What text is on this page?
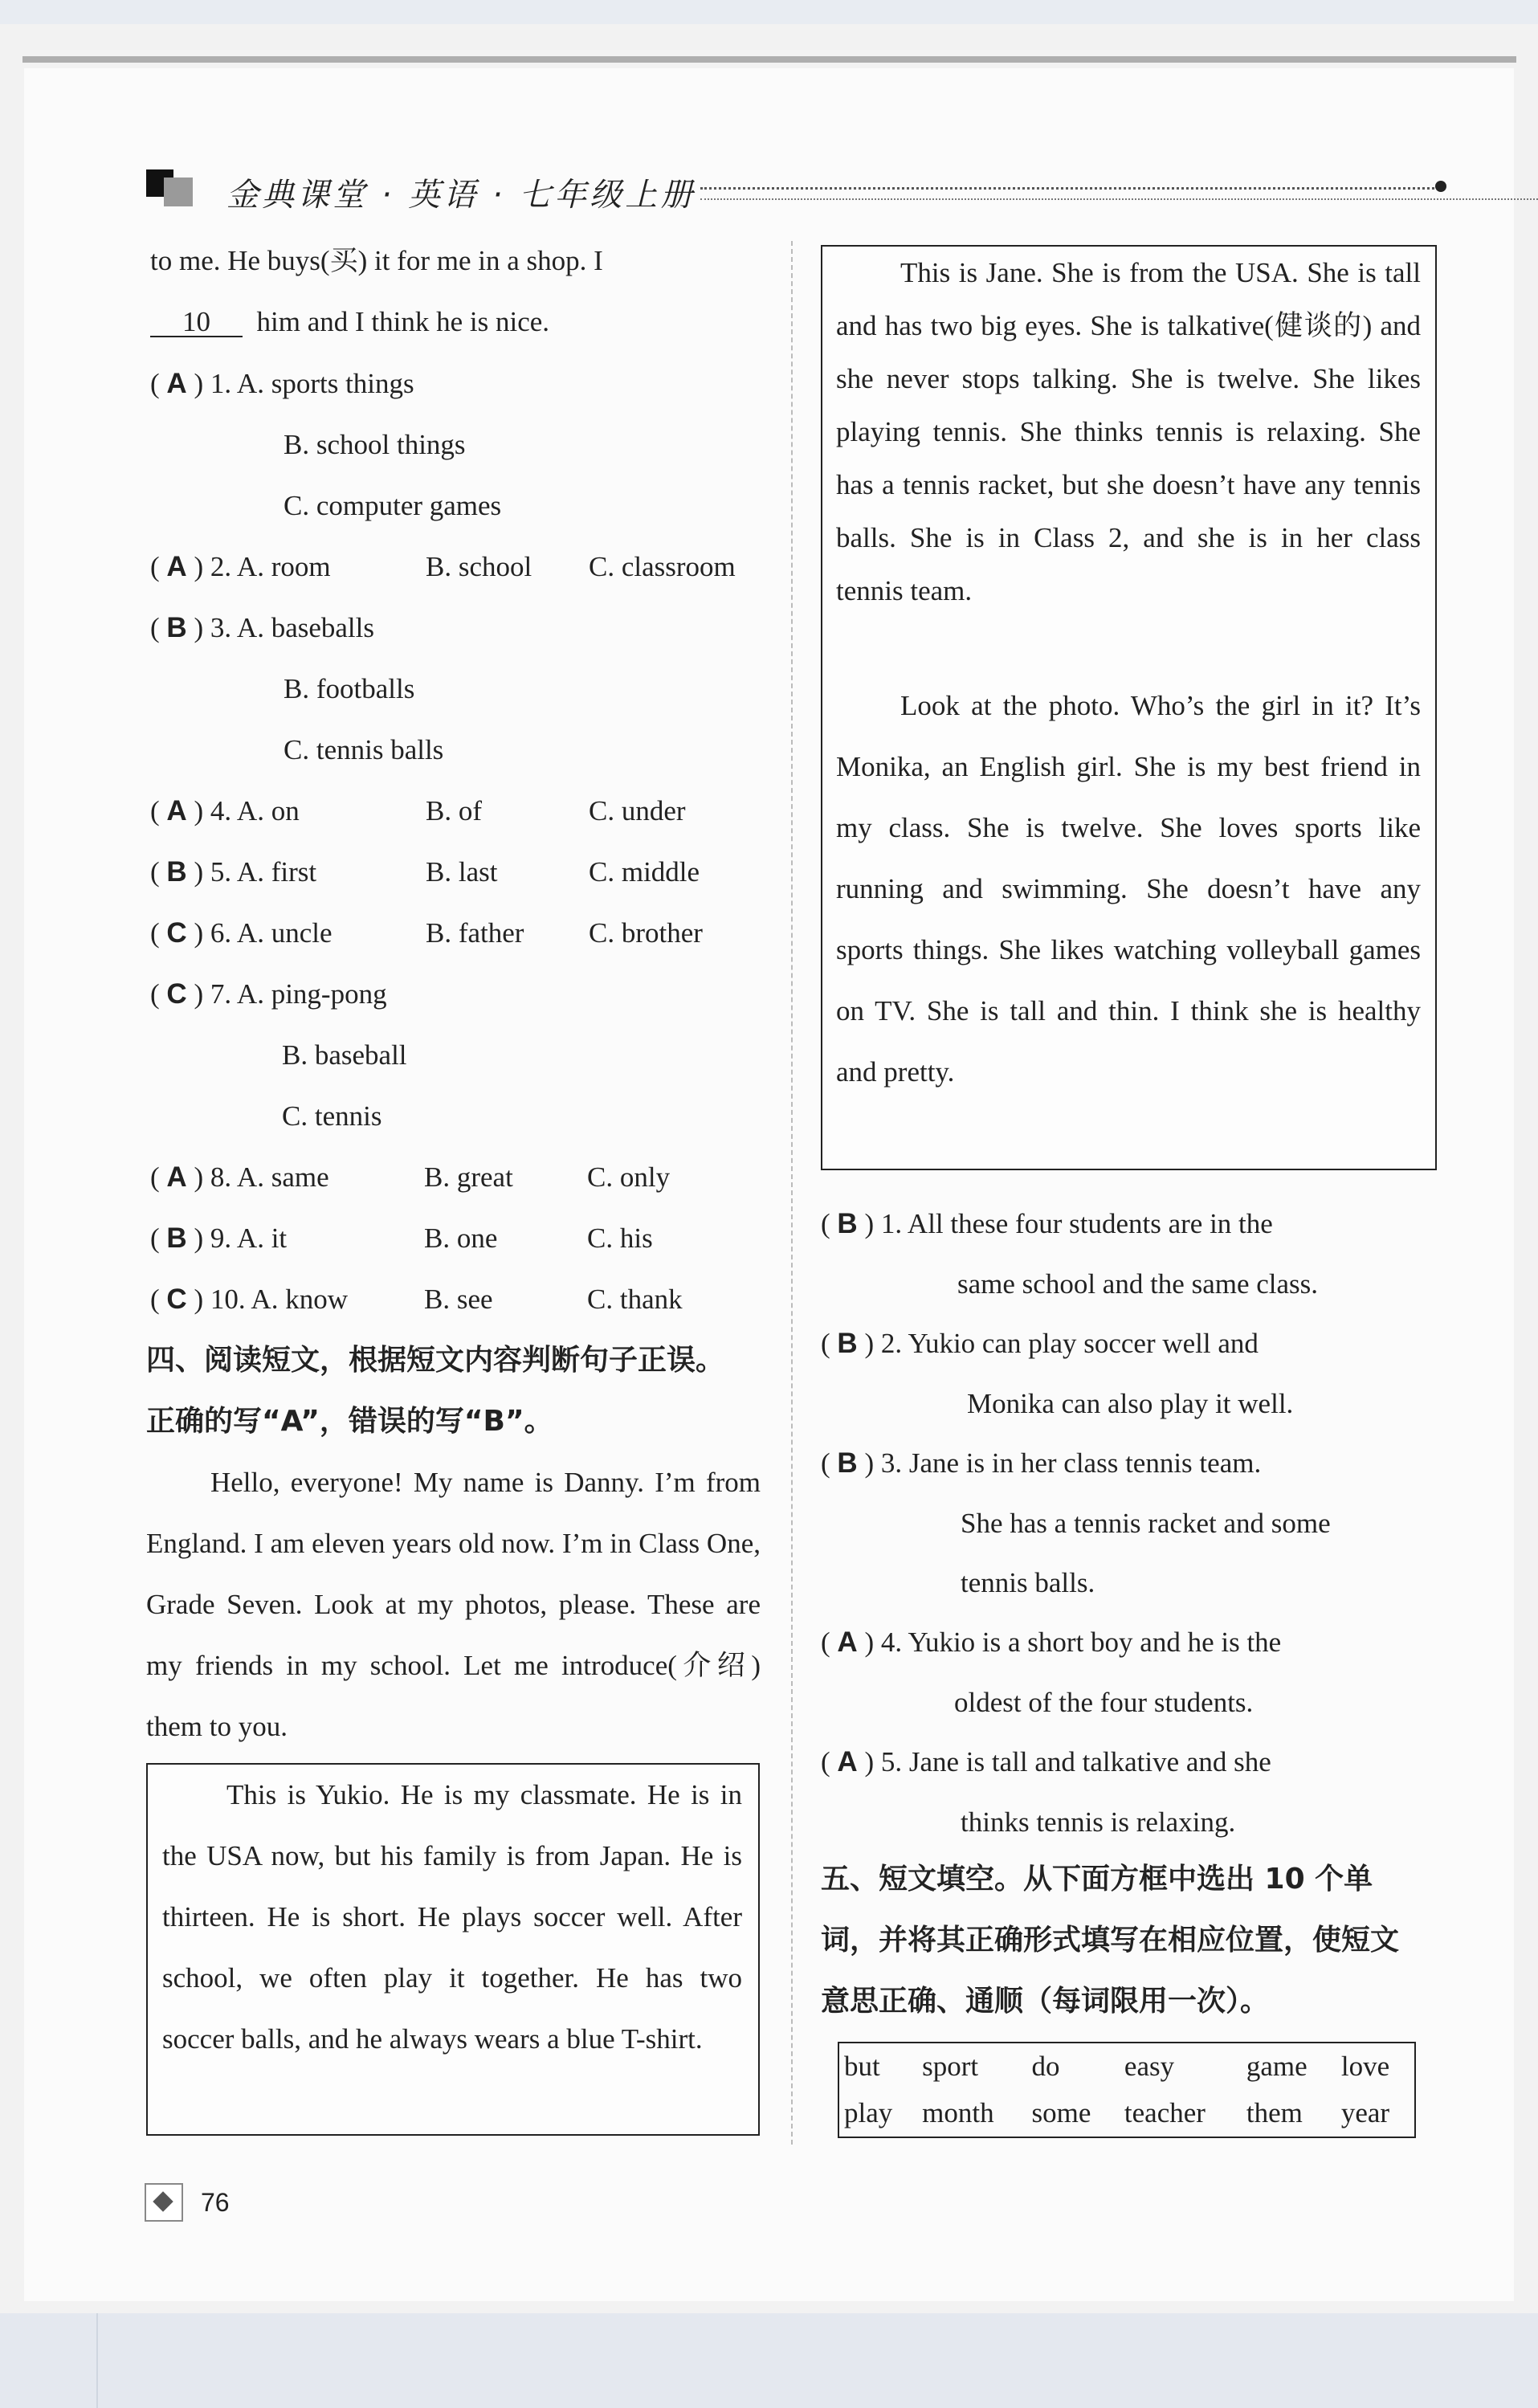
金典课堂 · 英语 · 七年级上册
to me. He buys(买) it for me in a shop. I
10 him and I think he is nice.
( A ) 1. A. sports things
B. school things
C. computer games
( A ) 2. A. room	B. school C. classroom
( B ) 3. A. baseballs
B. footballs
C. tennis balls
( A ) 4. A. on	B. of	C. under
( B ) 5. A. first	B. last	C. middle
( C ) 6. A. uncle	B. father C. brother
( C ) 7. A. ping-pong
B. baseball
C. tennis
( A ) 8. A. same	B. great	C. only
( B ) 9. A. it	B. one	C. his
( C ) 10. A. know	B. see	C. thank
四、阅读短文，根据短文内容判断句子正误。
正确的写“A”，错误的写“B”。
Hello, everyone! My name is Danny. I’m from England. I am eleven years old now. I’m in Class One, Grade Seven. Look at my photos, please. These are my friends in my school. Let me introduce(介绍) them to you.
This is Yukio. He is my classmate. He is in the USA now, but his family is from Japan. He is thirteen. He is short. He plays soccer well. After school, we often play it together. He has two soccer balls, and he always wears a blue T-shirt.
This is Jane. She is from the USA. She is tall and has two big eyes. She is talkative(健谈的) and she never stops talking. She is twelve. She likes playing tennis. She thinks tennis is relaxing. She has a tennis racket, but she doesn’t have any tennis balls. She is in Class 2, and she is in her class tennis team.
Look at the photo. Who’s the girl in it? It’s Monika, an English girl. She is my best friend in my class. She is twelve. She loves sports like running and swimming. She doesn’t have any sports things. She likes watching volleyball games on TV. She is tall and thin. I think she is healthy and pretty.
( B ) 1. All these four students are in the
same school and the same class.
( B ) 2. Yukio can play soccer well and
Monika can also play it well.
( B ) 3. Jane is in her class tennis team.
She has a tennis racket and some
tennis balls.
( A ) 4. Yukio is a short boy and he is the
oldest of the four students.
( A ) 5. Jane is tall and talkative and she
thinks tennis is relaxing.
五、短文填空。从下面方框中选出 10 个单
词，并将其正确形式填写在相应位置，使短文
意思正确、通顺（每词限用一次）。
but	sport	do	easy	game	love
play	month	some	teacher	them	year
76
